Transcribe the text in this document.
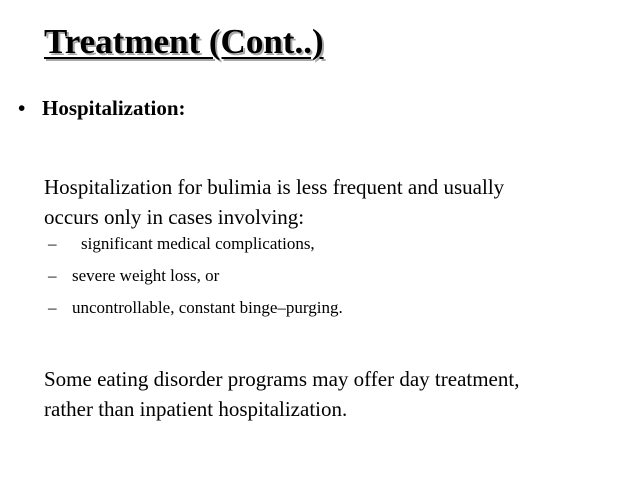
Treatment (Cont..)
• Hospitalization:
Hospitalization for bulimia is less frequent and usually
occurs only in cases involving:
– significant medical complications,
– severe weight loss, or
– uncontrollable, constant binge–purging.
Some eating disorder programs may offer day treatment,
rather than inpatient hospitalization.
